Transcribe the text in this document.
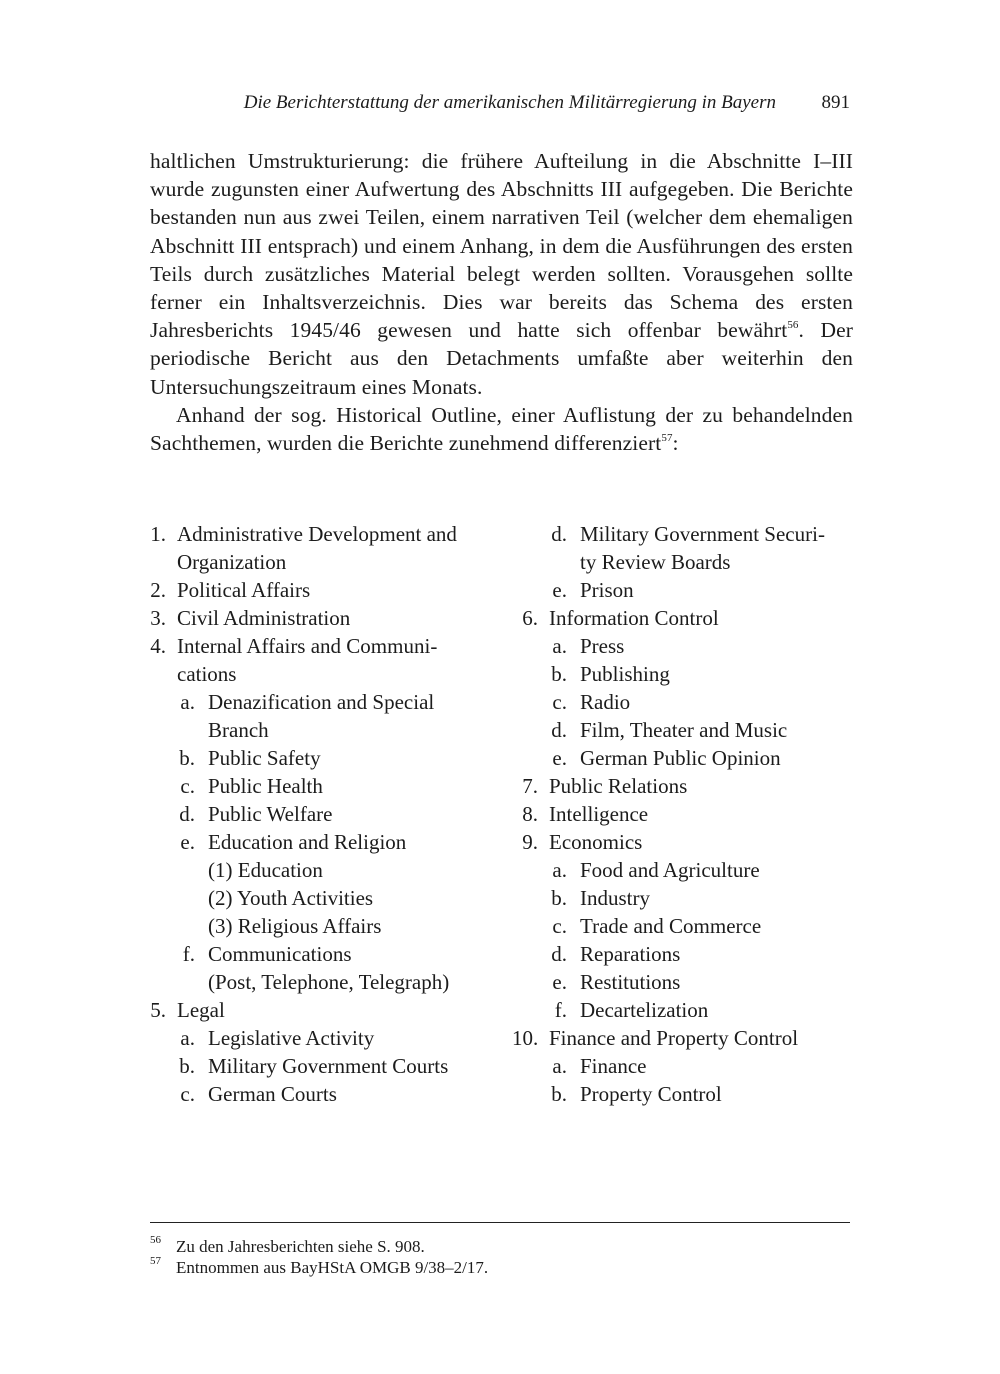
Die Berichterstattung der amerikanischen Militärregierung in Bayern 891

haltlichen Umstrukturierung: die frühere Aufteilung in die Abschnitte I–III wurde zugunsten einer Aufwertung des Abschnitts III aufgegeben. Die Berichte bestanden nun aus zwei Teilen, einem narrativen Teil (welcher dem ehemaligen Abschnitt III entsprach) und einem Anhang, in dem die Ausführungen des ersten Teils durch zusätzliches Material belegt werden sollten. Vorausgehen sollte ferner ein Inhaltsverzeichnis. Dies war bereits das Schema des ersten Jahresberichts 1945/46 gewesen und hatte sich offenbar bewährt$^{56}$. Der periodische Bericht aus den Detachments umfaßte aber weiterhin den Untersuchungszeitraum eines Monats.

Anhand der sog. Historical Outline, einer Auflistung der zu behandelnden Sachthemen, wurden die Berichte zunehmend differenziert$^{57}$:

1. Administrative Development and
Organization
2. Political Affairs
3. Civil Administration
4. Internal Affairs and Communi-
cations
a. Denazification and Special
Branch
b. Public Safety
c. Public Health
d. Public Welfare
e. Education and Religion
(1) Education
(2) Youth Activities
(3) Religious Affairs
f. Communications
(Post, Telephone, Telegraph)
5. Legal
a. Legislative Activity
b. Military Government Courts
c. German Courts
d. Military Government Securi-
ty Review Boards
e. Prison
6. Information Control
a. Press
b. Publishing
c. Radio
d. Film, Theater and Music
e. German Public Opinion
7. Public Relations
8. Intelligence
9. Economics
a. Food and Agriculture
b. Industry
c. Trade and Commerce
d. Reparations
e. Restitutions
f. Decartelization
10. Finance and Property Control
a. Finance
b. Property Control
$^{56}$ Zu den Jahresberichten siehe S. 908.
$^{57}$ Entnommen aus BayHStA OMGB 9/38–2/17.
